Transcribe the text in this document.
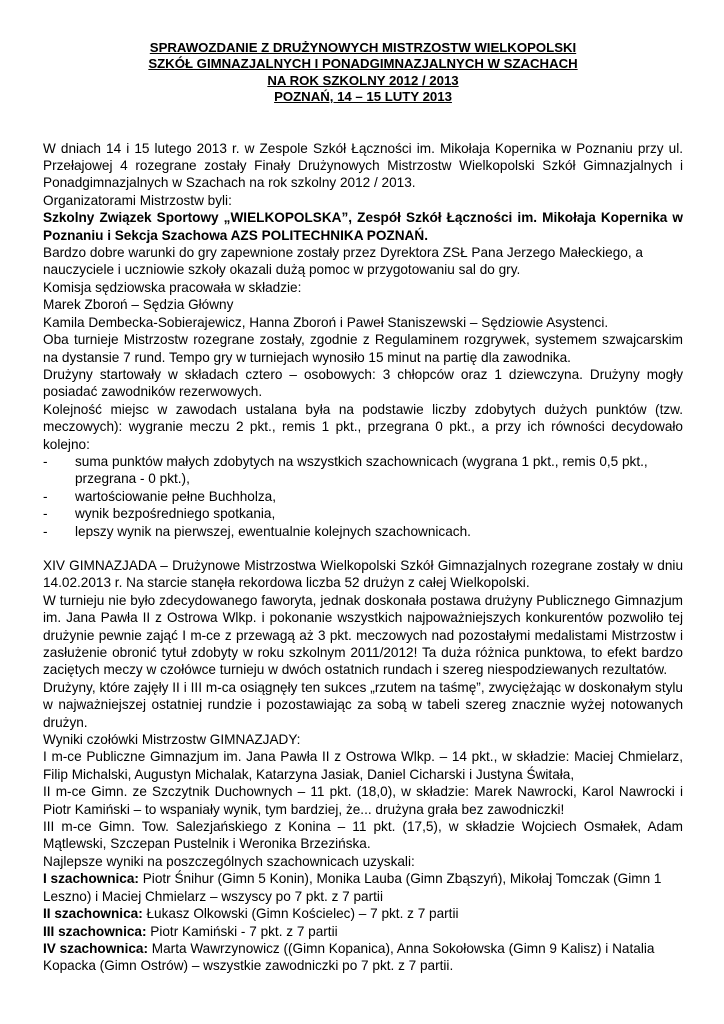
SPRAWOZDANIE Z DRUŻYNOWYCH MISTRZOSTW WIELKOPOLSKI
SZKÓŁ GIMNAZJALNYCH I PONADGIMNAZJALNYCH W SZACHACH
NA ROK SZKOLNY 2012 / 2013
POZNAŃ, 14 – 15 LUTY 2013

W dniach 14 i 15 lutego 2013 r. w Zespole Szkół Łączności im. Mikołaja Kopernika w Poznaniu przy ul. Przełajowej 4 rozegrane zostały Finały Drużynowych Mistrzostw Wielkopolski Szkół Gimnazjalnych i Ponadgimnazjalnych w Szachach na rok szkolny 2012 / 2013.

Organizatorami Mistrzostw byli:

Szkolny Związek Sportowy „WIELKOPOLSKA”, Zespół Szkół Łączności im. Mikołaja Kopernika w Poznaniu i Sekcja Szachowa AZS POLITECHNIKA POZNAŃ.

Bardzo dobre warunki do gry zapewnione zostały przez Dyrektora ZSŁ Pana Jerzego Małeckiego, a nauczyciele i uczniowie szkoły okazali dużą pomoc w przygotowaniu sal do gry.

Komisja sędziowska pracowała w składzie:

Marek Zboroń – Sędzia Główny

Kamila Dembecka-Sobierajewicz, Hanna Zboroń i Paweł Staniszewski – Sędziowie Asystenci.

Oba turnieje Mistrzostw rozegrane zostały, zgodnie z Regulaminem rozgrywek, systemem szwajcarskim na dystansie 7 rund. Tempo gry w turniejach wynosiło 15 minut na partię dla zawodnika.

Drużyny startowały w składach cztero – osobowych: 3 chłopców oraz 1 dziewczyna. Drużyny mogły posiadać zawodników rezerwowych.

Kolejność miejsc w zawodach ustalana była na podstawie liczby zdobytych dużych punktów (tzw. meczowych): wygranie meczu 2 pkt., remis 1 pkt., przegrana 0 pkt., a przy ich równości decydowało kolejno:

- suma punktów małych zdobytych na wszystkich szachownicach (wygrana 1 pkt., remis 0,5 pkt., przegrana - 0 pkt.),
- wartościowanie pełne Buchholza,
- wynik bezpośredniego spotkania,
- lepszy wynik na pierwszej, ewentualnie kolejnych szachownicach.

XIV GIMNAZJADA – Drużynowe Mistrzostwa Wielkopolski Szkół Gimnazjalnych rozegrane zostały w dniu 14.02.2013 r. Na starcie stanęła rekordowa liczba 52 drużyn z całej Wielkopolski.

W turnieju nie było zdecydowanego faworyta, jednak doskonała postawa drużyny Publicznego Gimnazjum im. Jana Pawła II z Ostrowa Wlkp. i pokonanie wszystkich najpoważniejszych konkurentów pozwoliło tej drużynie pewnie zająć I m-ce z przewagą aż 3 pkt. meczowych nad pozostałymi medalistami Mistrzostw i zasłużenie obronić tytuł zdobyty w roku szkolnym 2011/2012! Ta duża różnica punktowa, to efekt bardzo zaciętych meczy w czołówce turnieju w dwóch ostatnich rundach i szereg niespodziewanych rezultatów.

Drużyny, które zajęły II i III m-ca osiągnęły ten sukces „rzutem na taśmę”, zwyciężając w doskonałym stylu w najważniejszej ostatniej rundzie i pozostawiając za sobą w tabeli szereg znacznie wyżej notowanych drużyn.

Wyniki czołówki Mistrzostw GIMNAZJADY:

I m-ce Publiczne Gimnazjum im. Jana Pawła II z Ostrowa Wlkp. – 14 pkt., w składzie: Maciej Chmielarz, Filip Michalski, Augustyn Michalak, Katarzyna Jasiak, Daniel Cicharski i Justyna Świtała,

II m-ce Gimn. ze Szczytnik Duchownych – 11 pkt. (18,0), w składzie: Marek Nawrocki, Karol Nawrocki i Piotr Kamiński – to wspaniały wynik, tym bardziej, że... drużyna grała bez zawodniczki!

III m-ce Gimn. Tow. Salezjańskiego z Konina – 11 pkt. (17,5), w składzie Wojciech Osmałek, Adam Mątlewski, Szczepan Pustelnik i Weronika Brzezińska.

Najlepsze wyniki na poszczególnych szachownicach uzyskali:

I szachownica: Piotr Śnihur (Gimn 5 Konin), Monika Lauba (Gimn Zbąszyń), Mikołaj Tomczak (Gimn 1 Leszno) i Maciej Chmielarz – wszyscy po 7 pkt. z 7 partii

II szachownica: Łukasz Olkowski (Gimn Kościelec) – 7 pkt. z 7 partii

III szachownica: Piotr Kamiński - 7 pkt. z 7 partii

IV szachownica: Marta Wawrzynowicz ((Gimn Kopanica), Anna Sokołowska (Gimn 9 Kalisz) i Natalia Kopacka (Gimn Ostrów) – wszystkie zawodniczki po 7 pkt. z 7 partii.
